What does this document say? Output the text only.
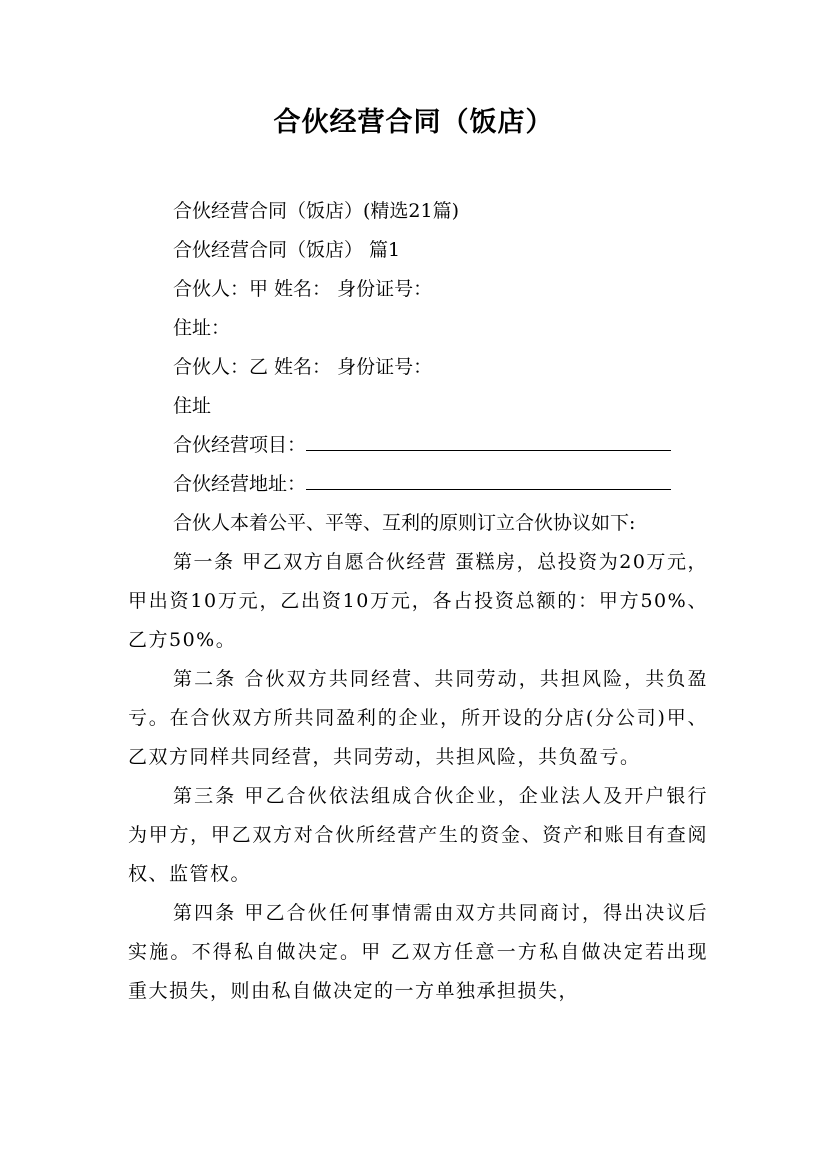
合伙经营合同（饭店）

合伙经营合同（饭店）(精选21篇)

合伙经营合同（饭店） 篇1

合伙人：甲 姓名： 身份证号：

住址：

合伙人：乙 姓名： 身份证号：

住址

合伙经营项目：

合伙经营地址：

合伙人本着公平、平等、互利的原则订立合伙协议如下:

第一条 甲乙双方自愿合伙经营 蛋糕房，总投资为20万元，甲出资10万元，乙出资10万元，各占投资总额的：甲方50%、乙方50%。

第二条 合伙双方共同经营、共同劳动，共担风险，共负盈亏。在合伙双方所共同盈利的企业，所开设的分店(分公司)甲、乙双方同样共同经营，共同劳动，共担风险，共负盈亏。

第三条 甲乙合伙依法组成合伙企业，企业法人及开户银行为甲方，甲乙双方对合伙所经营产生的资金、资产和账目有查阅权、监管权。

第四条 甲乙合伙任何事情需由双方共同商讨，得出决议后实施。不得私自做决定。甲 乙双方任意一方私自做决定若出现重大损失，则由私自做决定的一方单独承担损失，
